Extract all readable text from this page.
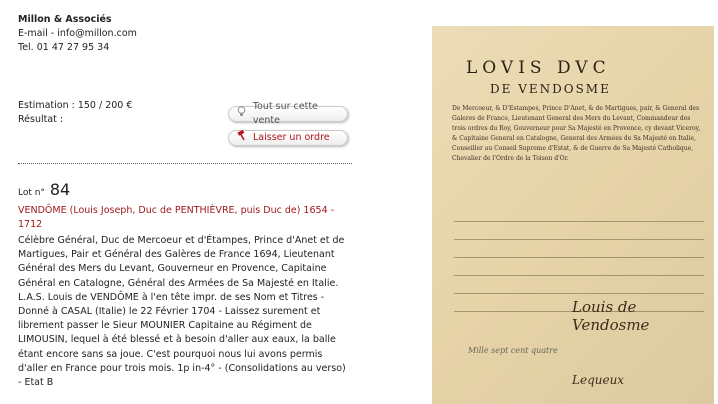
Millon & Associés
E-mail - info@millon.com
Tel. 01 47 27 95 34
Estimation : 150 / 200 €
Résultat :
Tout sur cette vente
Laisser un ordre
Lot n° 84
VENDÔME (Louis Joseph, Duc de PENTHIÈVRE, puis Duc de) 1654 - 1712
Célèbre Général, Duc de Mercoeur et d'Étampes, Prince d'Anet et de Martigues, Pair et Général des Galères de France 1694, Lieutenant Général des Mers du Levant, Gouverneur en Provence, Capitaine Général en Catalogne, Général des Armées de Sa Majesté en Italie. L.A.S. Louis de VENDÔME à l'en tête impr. de ses Nom et Titres - Donné à CASAL (Italie) le 22 Février 1704 - Laissez surement et librement passer le Sieur MOUNIER Capitaine au Régiment de LIMOUSIN, lequel à été blessé et à besoin d'aller aux eaux, la balle étant encore sans sa joue. C'est pourquoi nous lui avons permis d'aller en France pour trois mois. 1p in-4° - (Consolidations au verso) - Etat B
LOVIS DVC
DE VENDOSME
De Mercoeur, & D'Estampes, Prince D'Anet, & de Martigues, pair, & General des Galeres de France, Lieutenant General des Mers du Levant, Commandeur des trois ordres du Roy, Gouverneur pour Sa Majesté en Provence, cy devant Viceroy, & Capitaine General en Catalogne, General des Armées de Sa Majesté en Italie, Conseiller au Conseil Supreme d'Estat, & de Guerre de Sa Majesté Catholique, Chevalier de l'Ordre de la Toison d'Or.
Louis de Vendosme
Mille sept cent quatre
Lequeux
